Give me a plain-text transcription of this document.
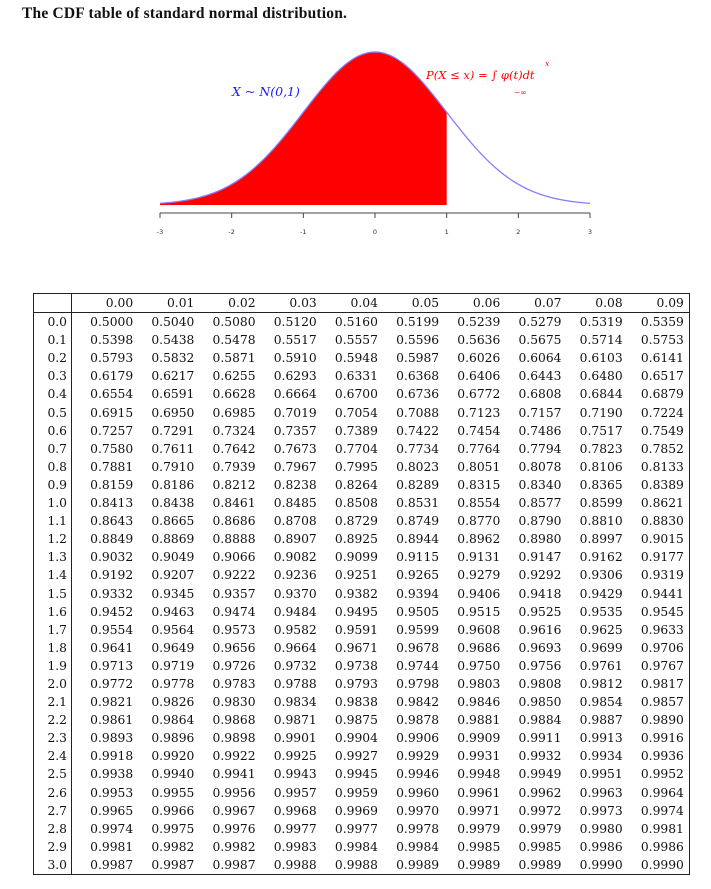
The CDF table of standard normal distribution.
-3	-2	-1	0	1	2	3
X ~ N(0,1)
P(X ≤ x) = ∫ φ(t)dt
x
−∞
	0.00	0.01	0.02	0.03	0.04	0.05	0.06	0.07	0.08	0.09
0.0	0.5000	0.5040	0.5080	0.5120	0.5160	0.5199	0.5239	0.5279	0.5319	0.5359
0.1	0.5398	0.5438	0.5478	0.5517	0.5557	0.5596	0.5636	0.5675	0.5714	0.5753
0.2	0.5793	0.5832	0.5871	0.5910	0.5948	0.5987	0.6026	0.6064	0.6103	0.6141
0.3	0.6179	0.6217	0.6255	0.6293	0.6331	0.6368	0.6406	0.6443	0.6480	0.6517
0.4	0.6554	0.6591	0.6628	0.6664	0.6700	0.6736	0.6772	0.6808	0.6844	0.6879
0.5	0.6915	0.6950	0.6985	0.7019	0.7054	0.7088	0.7123	0.7157	0.7190	0.7224
0.6	0.7257	0.7291	0.7324	0.7357	0.7389	0.7422	0.7454	0.7486	0.7517	0.7549
0.7	0.7580	0.7611	0.7642	0.7673	0.7704	0.7734	0.7764	0.7794	0.7823	0.7852
0.8	0.7881	0.7910	0.7939	0.7967	0.7995	0.8023	0.8051	0.8078	0.8106	0.8133
0.9	0.8159	0.8186	0.8212	0.8238	0.8264	0.8289	0.8315	0.8340	0.8365	0.8389
1.0	0.8413	0.8438	0.8461	0.8485	0.8508	0.8531	0.8554	0.8577	0.8599	0.8621
1.1	0.8643	0.8665	0.8686	0.8708	0.8729	0.8749	0.8770	0.8790	0.8810	0.8830
1.2	0.8849	0.8869	0.8888	0.8907	0.8925	0.8944	0.8962	0.8980	0.8997	0.9015
1.3	0.9032	0.9049	0.9066	0.9082	0.9099	0.9115	0.9131	0.9147	0.9162	0.9177
1.4	0.9192	0.9207	0.9222	0.9236	0.9251	0.9265	0.9279	0.9292	0.9306	0.9319
1.5	0.9332	0.9345	0.9357	0.9370	0.9382	0.9394	0.9406	0.9418	0.9429	0.9441
1.6	0.9452	0.9463	0.9474	0.9484	0.9495	0.9505	0.9515	0.9525	0.9535	0.9545
1.7	0.9554	0.9564	0.9573	0.9582	0.9591	0.9599	0.9608	0.9616	0.9625	0.9633
1.8	0.9641	0.9649	0.9656	0.9664	0.9671	0.9678	0.9686	0.9693	0.9699	0.9706
1.9	0.9713	0.9719	0.9726	0.9732	0.9738	0.9744	0.9750	0.9756	0.9761	0.9767
2.0	0.9772	0.9778	0.9783	0.9788	0.9793	0.9798	0.9803	0.9808	0.9812	0.9817
2.1	0.9821	0.9826	0.9830	0.9834	0.9838	0.9842	0.9846	0.9850	0.9854	0.9857
2.2	0.9861	0.9864	0.9868	0.9871	0.9875	0.9878	0.9881	0.9884	0.9887	0.9890
2.3	0.9893	0.9896	0.9898	0.9901	0.9904	0.9906	0.9909	0.9911	0.9913	0.9916
2.4	0.9918	0.9920	0.9922	0.9925	0.9927	0.9929	0.9931	0.9932	0.9934	0.9936
2.5	0.9938	0.9940	0.9941	0.9943	0.9945	0.9946	0.9948	0.9949	0.9951	0.9952
2.6	0.9953	0.9955	0.9956	0.9957	0.9959	0.9960	0.9961	0.9962	0.9963	0.9964
2.7	0.9965	0.9966	0.9967	0.9968	0.9969	0.9970	0.9971	0.9972	0.9973	0.9974
2.8	0.9974	0.9975	0.9976	0.9977	0.9977	0.9978	0.9979	0.9979	0.9980	0.9981
2.9	0.9981	0.9982	0.9982	0.9983	0.9984	0.9984	0.9985	0.9985	0.9986	0.9986
3.0	0.9987	0.9987	0.9987	0.9988	0.9988	0.9989	0.9989	0.9989	0.9990	0.9990
